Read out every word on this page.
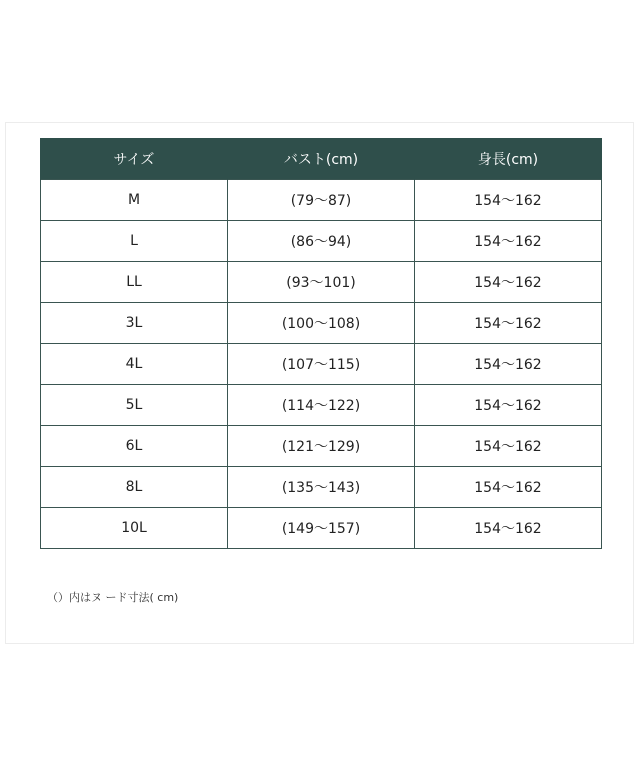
サイズ	バスト(cm)	身長(cm)
M	(79～87)	154～162
L	(86～94)	154～162
LL	(93～101)	154～162
3L	(100～108)	154～162
4L	(107～115)	154～162
5L	(114～122)	154～162
6L	(121～129)	154～162
8L	(135～143)	154～162
10L	(149～157)	154～162
（）内はヌ ード寸法( cm)
